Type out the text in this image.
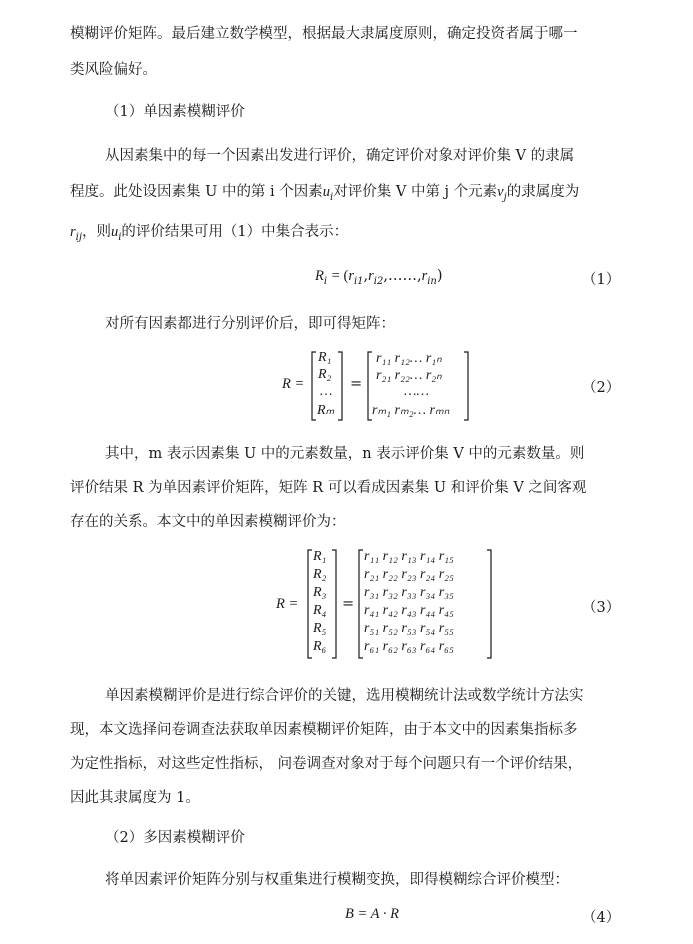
模糊评价矩阵。最后建立数学模型，根据最大隶属度原则，确定投资者属于哪一
类风险偏好。
（1）单因素模糊评价
从因素集中的每一个因素出发进行评价，确定评价对象对评价集 V 的隶属
程度。此处设因素集 U 中的第 i 个因素$u_i$对评价集 V 中第 j 个元素$v_j$的隶属度为
$r_{ij}$，则$u_i$的评价结果可用（1）中集合表示：
$R_i$ = $(r_{i1},r_{i2},\dots\dots,r_{in})$	（1）
对所有因素都进行分别评价后，即可得矩阵：
R =
R₁
R₂
…
Rₘ
=
r₁₁ r₁₂… r₁ₙ
r₂₁ r₂₂… r₂ₙ
……
rₘ₁ rₘ₂… rₘₙ
（2）
其中，m 表示因素集 U 中的元素数量，n 表示评价集 V 中的元素数量。则
评价结果 R 为单因素评价矩阵，矩阵 R 可以看成因素集 U 和评价集 V 之间客观
存在的关系。本文中的单因素模糊评价为：
R =
R₁
R₂
R₃
R₄
R₅
R₆
=
r₁₁ r₁₂ r₁₃ r₁₄ r₁₅
r₂₁ r₂₂ r₂₃ r₂₄ r₂₅
r₃₁ r₃₂ r₃₃ r₃₄ r₃₅
r₄₁ r₄₂ r₄₃ r₄₄ r₄₅
r₅₁ r₅₂ r₅₃ r₅₄ r₅₅
r₆₁ r₆₂ r₆₃ r₆₄ r₆₅
（3）
单因素模糊评价是进行综合评价的关键，选用模糊统计法或数学统计方法实
现，本文选择问卷调查法获取单因素模糊评价矩阵，由于本文中的因素集指标多
为定性指标，对这些定性指标， 问卷调查对象对于每个问题只有一个评价结果，
因此其隶属度为 1。
（2）多因素模糊评价
将单因素评价矩阵分别与权重集进行模糊变换，即得模糊综合评价模型：
B = A · R	（4）
